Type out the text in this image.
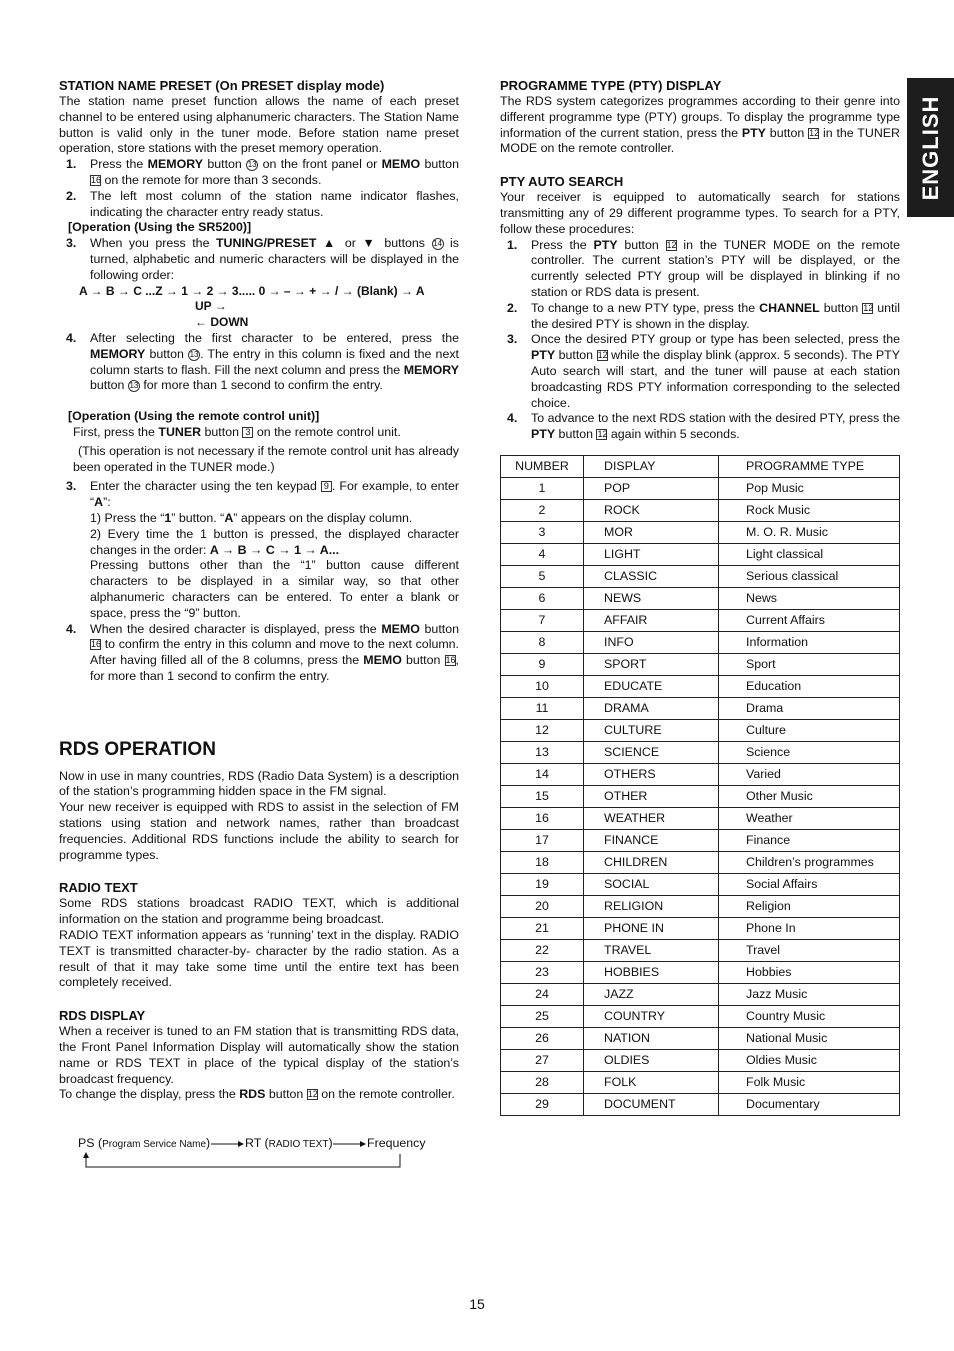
ENGLISH
STATION NAME PRESET (On PRESET display mode)

The station name preset function allows the name of each preset channel to be entered using alphanumeric characters. The Station Name button is valid only in the tuner mode. Before station name preset operation, store stations with the preset memory operation.

1. Press the MEMORY button 13 on the front panel or MEMO button 16 on the remote for more than 3 seconds.
2. The left most column of the station name indicator flashes, indicating the character entry ready status.
[Operation (Using the SR5200)]
3. When you press the TUNING/PRESET ▲ or ▼ buttons 14 is turned, alphabetic and numeric characters will be displayed in the following order:
A → B → C ...Z → 1 → 2 → 3..... 0 → – → + → / → (Blank) → A
UP →
← DOWN
4. After selecting the first character to be entered, press the MEMORY button 13 . The entry in this column is fixed and the next column starts to flash. Fill the next column and press the MEMORY button 13 for more than 1 second to confirm the entry.
[Operation (Using the remote control unit)]
First, press the TUNER button 3 on the remote control unit.

(This operation is not necessary if the remote control unit has already been operated in the TUNER mode.)

3. Enter the character using the ten keypad 9 . For example, to enter “A”:
1) Press the “1” button. “A” appears on the display column.
2) Every time the 1 button is pressed, the displayed character changes in the order: A → B → C → 1 → A...
Pressing buttons other than the “1” button cause different characters to be displayed in a similar way, so that other alphanumeric characters can be entered. To enter a blank or space, press the “9” button.
4. When the desired character is displayed, press the MEMO button 16 to confirm the entry in this column and move to the next column. After having filled all of the 8 columns, press the MEMO button 16, for more than 1 second to confirm the entry.
RDS OPERATION

Now in use in many countries, RDS (Radio Data System) is a description of the station’s programming hidden space in the FM signal.

Your new receiver is equipped with RDS to assist in the selection of FM stations using station and network names, rather than broadcast frequencies. Additional RDS functions include the ability to search for programme types.

RADIO TEXT

Some RDS stations broadcast RADIO TEXT, which is additional information on the station and programme being broadcast.

RADIO TEXT information appears as ‘running’ text in the display. RADIO TEXT is transmitted character-by- character by the radio station. As a result of that it may take some time until the entire text has been completely received.

RDS DISPLAY

When a receiver is tuned to an FM station that is transmitting RDS data, the Front Panel Information Display will automatically show the station name or RDS TEXT in place of the typical display of the station’s broadcast frequency.

To change the display, press the RDS button 12 on the remote controller.

PS (Program Service Name)	RT (RADIO TEXT)	Frequency
PROGRAMME TYPE (PTY) DISPLAY

The RDS system categorizes programmes according to their genre into different programme type (PTY) groups. To display the programme type information of the current station, press the PTY button 12 in the TUNER MODE on the remote controller.

PTY AUTO SEARCH

Your receiver is equipped to automatically search for stations transmitting any of 29 different programme types. To search for a PTY, follow these procedures:

1. Press the PTY button 12 in the TUNER MODE on the remote controller. The current station’s PTY will be displayed, or the currently selected PTY group will be displayed in blinking if no station or RDS data is present.
2. To change to a new PTY type, press the CHANNEL button 12 until the desired PTY is shown in the display.
3. Once the desired PTY group or type has been selected, press the PTY button 12 while the display blink (approx. 5 seconds). The PTY Auto search will start, and the tuner will pause at each station broadcasting RDS PTY information corresponding to the selected choice.
4. To advance to the next RDS station with the desired PTY, press the PTY button 12 again within 5 seconds.
NUMBER	DISPLAY	PROGRAMME TYPE
1	POP	Pop Music
2	ROCK	Rock Music
3	MOR	M. O. R. Music
4	LIGHT	Light classical
5	CLASSIC	Serious classical
6	NEWS	News
7	AFFAIR	Current Affairs
8	INFO	Information
9	SPORT	Sport
10	EDUCATE	Education
11	DRAMA	Drama
12	CULTURE	Culture
13	SCIENCE	Science
14	OTHERS	Varied
15	OTHER	Other Music
16	WEATHER	Weather
17	FINANCE	Finance
18	CHILDREN	Children’s programmes
19	SOCIAL	Social Affairs
20	RELIGION	Religion
21	PHONE IN	Phone In
22	TRAVEL	Travel
23	HOBBIES	Hobbies
24	JAZZ	Jazz Music
25	COUNTRY	Country Music
26	NATION	National Music
27	OLDIES	Oldies Music
28	FOLK	Folk Music
29	DOCUMENT	Documentary
15
